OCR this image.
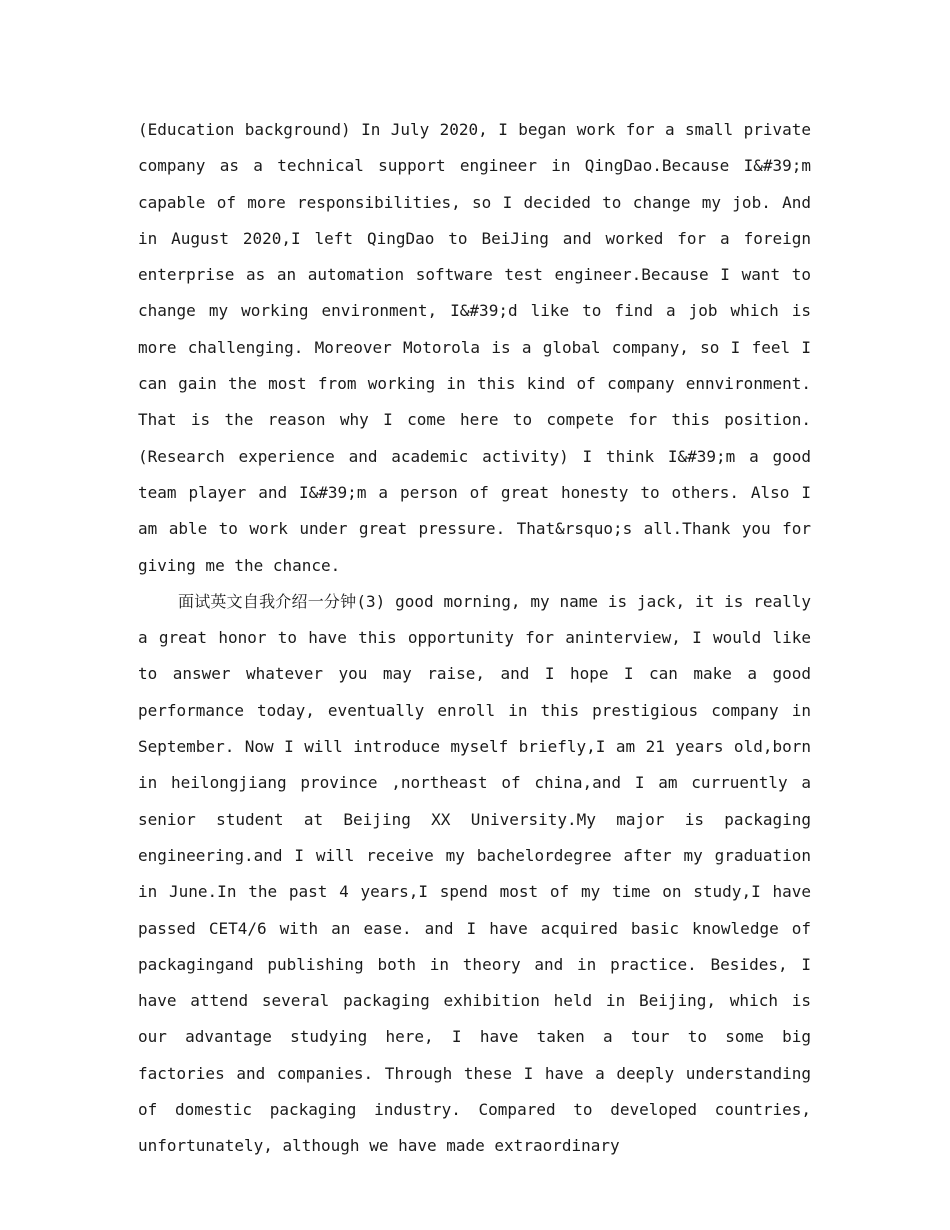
(Education background) In July 2020, I began work for a small private company as a technical support engineer in QingDao.Because I&#39;m capable of more responsibilities, so I decided to change my job. And in August 2020,I left QingDao to BeiJing and worked for a foreign enterprise as an automation software test engineer.Because I want to change my working environment, I&#39;d like to find a job which is more challenging. Moreover Motorola is a global company, so I feel I can gain the most from working in this kind of company ennvironment. That is the reason why I come here to compete for this position.(Research experience and academic activity) I think I&#39;m a good team player and I&#39;m a person of great honesty to others. Also I am able to work under great pressure. That&rsquo;s all.Thank you for giving me the chance.

面试英文自我介绍一分钟(3) good morning, my name is jack, it is really a great honor to have this opportunity for aninterview, I would like to answer whatever you may raise, and I hope I can make a good performance today, eventually enroll in this prestigious company in September. Now I will introduce myself briefly,I am 21 years old,born in heilongjiang province ,northeast of china,and I am curruently a senior student at Beijing XX University.My major is packaging engineering.and I will receive my bachelordegree after my graduation in June.In the past 4 years,I spend most of my time on study,I have passed CET4/6 with an ease. and I have acquired basic knowledge of packagingand publishing both in theory and in practice. Besides, I have attend several packaging exhibition held in Beijing, which is our advantage studying here, I have taken a tour to some big factories and companies. Through these I have a deeply understanding of domestic packaging industry. Compared to developed countries, unfortunately, although we have made extraordinary
